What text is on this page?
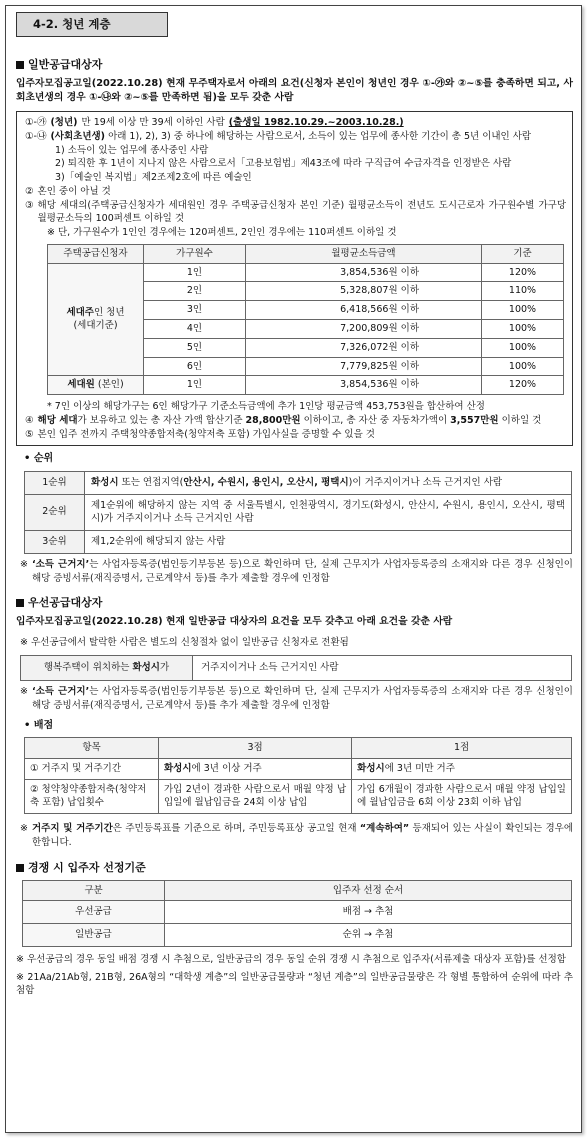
4-2. 청년 계층
일반공급대상자
입주자모집공고일(2022.10.28) 현재 무주택자로서 아래의 요건(신청자 본인이 청년인 경우 ①-㉮와 ②~⑤를 충족하면 되고, 사회초년생의 경우 ①-㉯와 ②~⑤를 만족하면 됨)을 모두 갖춘 사람
①-㉮ (청년) 만 19세 이상 만 39세 이하인 사람 (출생일 1982.10.29.~2003.10.28.)
①-㉯ (사회초년생) 아래 1), 2), 3) 중 하나에 해당하는 사람으로서, 소득이 있는 업무에 종사한 기간이 총 5년 이내인 사람
1) 소득이 있는 업무에 종사중인 사람
2) 퇴직한 후 1년이 지나지 않은 사람으로서「고용보험법」제43조에 따라 구직급여 수급자격을 인정받은 사람
3)「예술인 복지법」제2조제2호에 따른 예술인
② 혼인 중이 아닐 것
③ 해당 세대의(주택공급신청자가 세대원인 경우 주택공급신청자 본인 기준) 월평균소득이 전년도 도시근로자 가구원수별 가구당 월평균소득의 100퍼센트 이하일 것
※ 단, 가구원수가 1인인 경우에는 120퍼센트, 2인인 경우에는 110퍼센트 이하일 것
주택공급신청자	가구원수	월평균소득금액	기준

세대주인 청년
(세대기준)	1인	3,854,536원 이하	120%
	2인	5,328,807원 이하	110%
	3인	6,418,566원 이하	100%
	4인	7,200,809원 이하	100%
	5인	7,326,072원 이하	100%
	6인	7,779,825원 이하	100%
세대원 (본인)	1인	3,854,536원 이하	120%
* 7인 이상의 해당가구는 6인 해당가구 기준소득금액에 추가 1인당 평균금액 453,753원을 합산하여 산정
④ 해당 세대가 보유하고 있는 총 자산 가액 합산기준 28,800만원 이하이고, 총 자산 중 자동차가액이 3,557만원 이하일 것
⑤ 본인 입주 전까지 주택청약종합저축(청약저축 포함) 가입사실을 증명할 수 있을 것
• 순위
1순위	화성시 또는 연접지역(안산시, 수원시, 용인시, 오산시, 평택시)이 거주지이거나 소득 근거지인 사람
2순위	제1순위에 해당하지 않는 지역 중 서울특별시, 인천광역시, 경기도(화성시, 안산시, 수원시, 용인시, 오산시, 평택시)가 거주지이거나 소득 근거지인 사람
3순위	제1,2순위에 해당되지 않는 사람
※ ‘소득 근거지’는 사업자등록증(법인등기부등본 등)으로 확인하며 단, 실제 근무지가 사업자등록증의 소재지와 다른 경우 신청인이 해당 증빙서류(재직증명서, 근로계약서 등)를 추가 제출할 경우에 인정함
우선공급대상자
입주자모집공고일(2022.10.28) 현재 일반공급 대상자의 요건을 모두 갖추고 아래 요건을 갖춘 사람
※ 우선공급에서 탈락한 사람은 별도의 신청절차 없이 일반공급 신청자로 전환됨
행복주택이 위치하는 화성시가	거주지이거나 소득 근거지인 사람
※ ‘소득 근거지’는 사업자등록증(법인등기부등본 등)으로 확인하며 단, 실제 근무지가 사업자등록증의 소재지와 다른 경우 신청인이 해당 증빙서류(재직증명서, 근로계약서 등)를 추가 제출할 경우에 인정함
• 배점
항목	3점	1점
① 거주지 및 거주기간	화성시에 3년 이상 거주	화성시에 3년 미만 거주
② 청약청약종합저축(청약저축 포함) 납입횟수	가입 2년이 경과한 사람으로서 매월 약정 납입일에 월납입금을 24회 이상 납입	가입 6개월이 경과한 사람으로서 매월 약정 납입일에 월납입금을 6회 이상 23회 이하 납입
※ 거주지 및 거주기간은 주민등록표를 기준으로 하며, 주민등록표상 공고일 현재 “계속하여” 등재되어 있는 사실이 확인되는 경우에 한합니다.
경쟁 시 입주자 선정기준
구분	입주자 선정 순서
우선공급	배점 → 추첨
일반공급	순위 → 추첨
※ 우선공급의 경우 동일 배점 경쟁 시 추첨으로, 일반공급의 경우 동일 순위 경쟁 시 추첨으로 입주자(서류제출 대상자 포함)를 선정함
※ 21Aa/21Ab형, 21B형, 26A형의 “대학생 계층”의 일반공급물량과 “청년 계층”의 일반공급물량은 각 형별 통합하여 순위에 따라 추첨함
